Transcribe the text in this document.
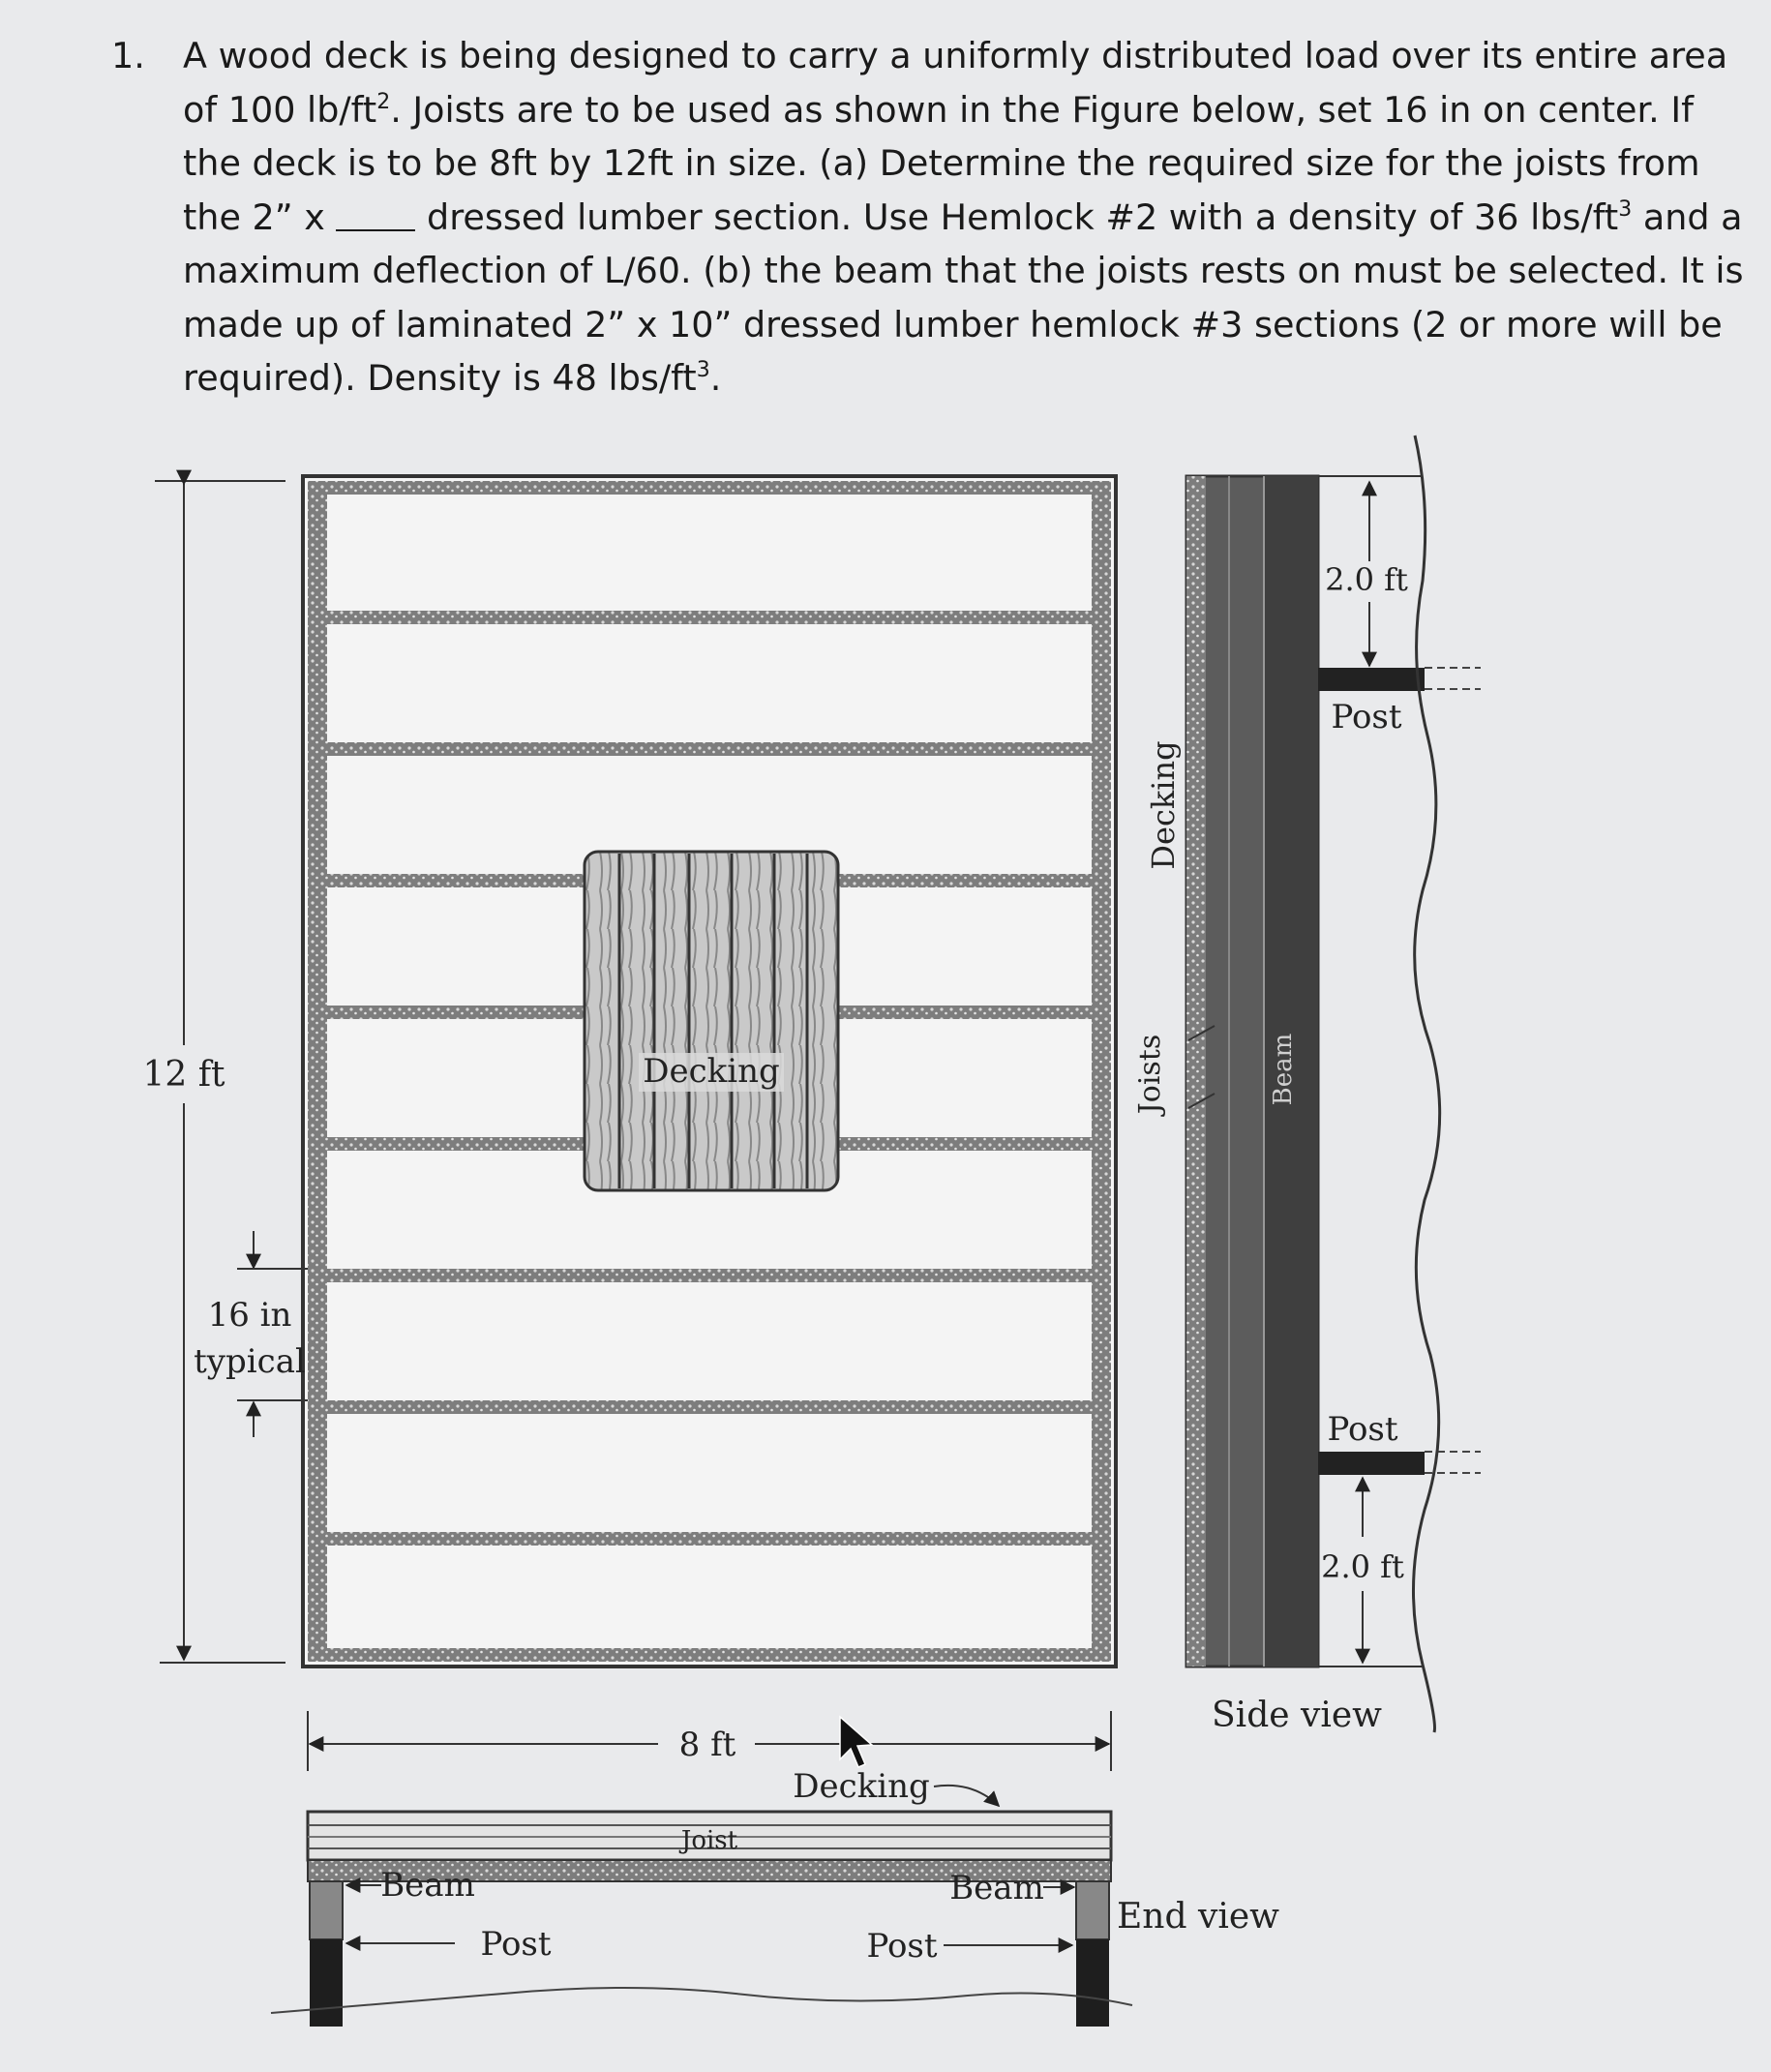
1. A wood deck is being designed to carry a uniformly distributed load over its entire area of 100 $lb/ft^2$. Joists are to be used as shown in the Figure below, set 16 in on center. If the deck is to be 8ft by 12ft in size. (a) Determine the required size for the joists from the 2” x  dressed lumber section. Use Hemlock #2 with a density of 36 lbs/$ft^3$ and a maximum deflection of L/60. (b) the beam that the joists rests on must be selected. It is made up of laminated 2” x 10” dressed lumber hemlock #3 sections (2 or more will be required). Density is 48 lbs/$ft^3$.
Decking
12 ft
16 in
typical
8 ft
Decking
Joists	Beam
2.0 ft
Post
Post
2.0 ft
Side view
Joist
Decking
Beam	Beam
Post	Post
End view
